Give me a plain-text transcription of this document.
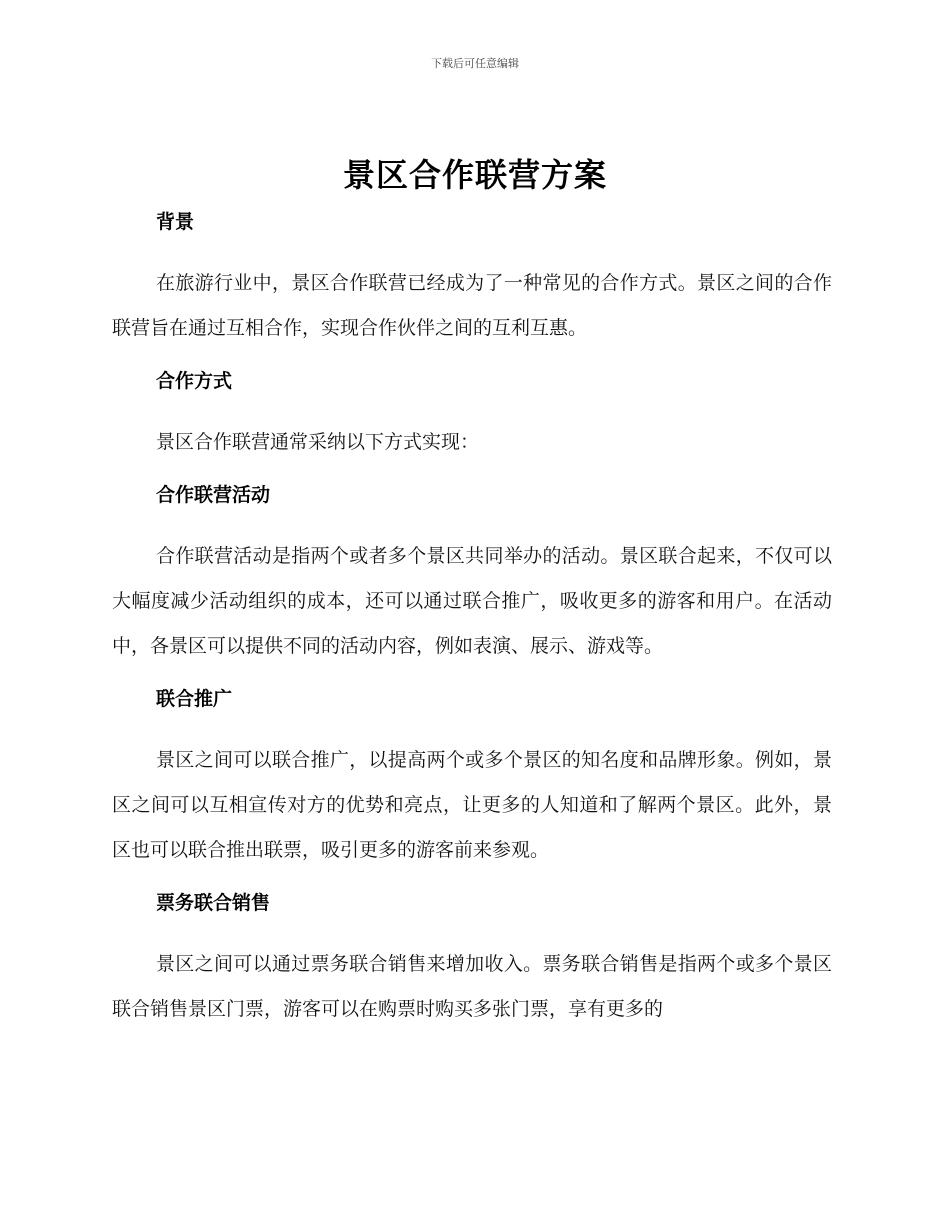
下载后可任意编辑
景区合作联营方案
背景

在旅游行业中，景区合作联营已经成为了一种常见的合作方式。景区之间的合作联营旨在通过互相合作，实现合作伙伴之间的互利互惠。

合作方式

景区合作联营通常采纳以下方式实现：

合作联营活动

合作联营活动是指两个或者多个景区共同举办的活动。景区联合起来，不仅可以大幅度减少活动组织的成本，还可以通过联合推广，吸收更多的游客和用户。在活动中，各景区可以提供不同的活动内容，例如表演、展示、游戏等。

联合推广

景区之间可以联合推广，以提高两个或多个景区的知名度和品牌形象。例如，景区之间可以互相宣传对方的优势和亮点，让更多的人知道和了解两个景区。此外，景区也可以联合推出联票，吸引更多的游客前来参观。

票务联合销售

景区之间可以通过票务联合销售来增加收入。票务联合销售是指两个或多个景区联合销售景区门票，游客可以在购票时购买多张门票，享有更多的
